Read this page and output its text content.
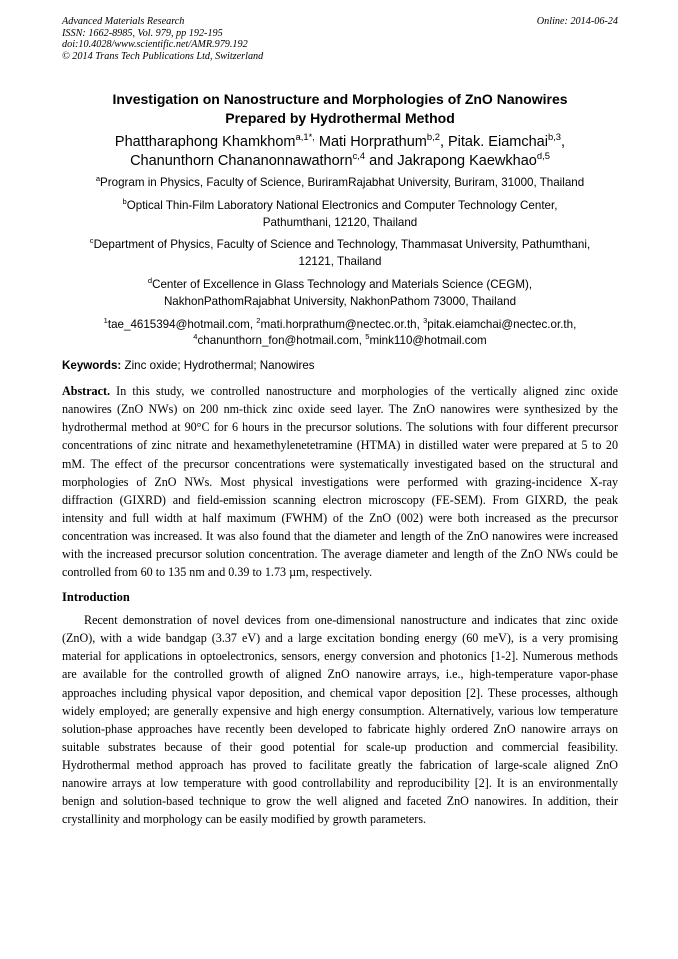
Advanced Materials Research
ISSN: 1662-8985, Vol. 979, pp 192-195
doi:10.4028/www.scientific.net/AMR.979.192
© 2014 Trans Tech Publications Ltd, Switzerland
Online: 2014-06-24
Investigation on Nanostructure and Morphologies of ZnO Nanowires
Prepared by Hydrothermal Method
Phattharaphong Khamkhom$^{a,1*,}$ Mati Horprathum$^{b,2}$, Pitak. Eiamchai$^{b,3}$,
Chanunthorn Chananonnawathorn$^{c,4}$ and Jakrapong Kaewkhao$^{d,5}$
$^a$Program in Physics, Faculty of Science, BuriramRajabhat University, Buriram, 31000, Thailand
$^b$Optical Thin-Film Laboratory National Electronics and Computer Technology Center,
Pathumthani, 12120, Thailand
$^c$Department of Physics, Faculty of Science and Technology, Thammasat University, Pathumthani,
12121, Thailand
$^d$Center of Excellence in Glass Technology and Materials Science (CEGM),
NakhonPathomRajabhat University, NakhonPathom 73000, Thailand
$^1$tae_4615394@hotmail.com, $^2$mati.horprathum@nectec.or.th, $^3$pitak.eiamchai@nectec.or.th,
$^4$chanunthorn_fon@hotmail.com, $^5$mink110@hotmail.com
Keywords: Zinc oxide; Hydrothermal; Nanowires
Abstract. In this study, we controlled nanostructure and morphologies of the vertically aligned zinc oxide nanowires (ZnO NWs) on 200 nm-thick zinc oxide seed layer. The ZnO nanowires were synthesized by the hydrothermal method at 90°C for 6 hours in the precursor solutions. The solutions with four different precursor concentrations of zinc nitrate and hexamethylenetetramine (HTMA) in distilled water were prepared at 5 to 20 mM. The effect of the precursor concentrations were systematically investigated based on the structural and morphologies of ZnO NWs. Most physical investigations were performed with grazing-incidence X-ray diffraction (GIXRD) and field-emission scanning electron microscopy (FE-SEM). From GIXRD, the peak intensity and full width at half maximum (FWHM) of the ZnO (002) were both increased as the precursor concentration was increased. It was also found that the diameter and length of the ZnO nanowires were increased with the increased precursor solution concentration. The average diameter and length of the ZnO NWs could be controlled from 60 to 135 nm and 0.39 to 1.73 µm, respectively.
Introduction
Recent demonstration of novel devices from one-dimensional nanostructure and indicates that zinc oxide (ZnO), with a wide bandgap (3.37 eV) and a large excitation bonding energy (60 meV), is a very promising material for applications in optoelectronics, sensors, energy conversion and photonics [1-2]. Numerous methods are available for the controlled growth of aligned ZnO nanowire arrays, i.e., high-temperature vapor-phase approaches including physical vapor deposition, and chemical vapor deposition [2]. These processes, although widely employed; are generally expensive and high energy consumption. Alternatively, various low temperature solution-phase approaches have recently been developed to fabricate highly ordered ZnO nanowire arrays on suitable substrates because of their good potential for scale-up production and commercial feasibility. Hydrothermal method approach has proved to facilitate greatly the fabrication of large-scale aligned ZnO nanowire arrays at low temperature with good controllability and reproducibility [2]. It is an environmentally benign and solution-based technique to grow the well aligned and faceted ZnO nanowires. In addition, their crystallinity and morphology can be easily modified by growth parameters.
